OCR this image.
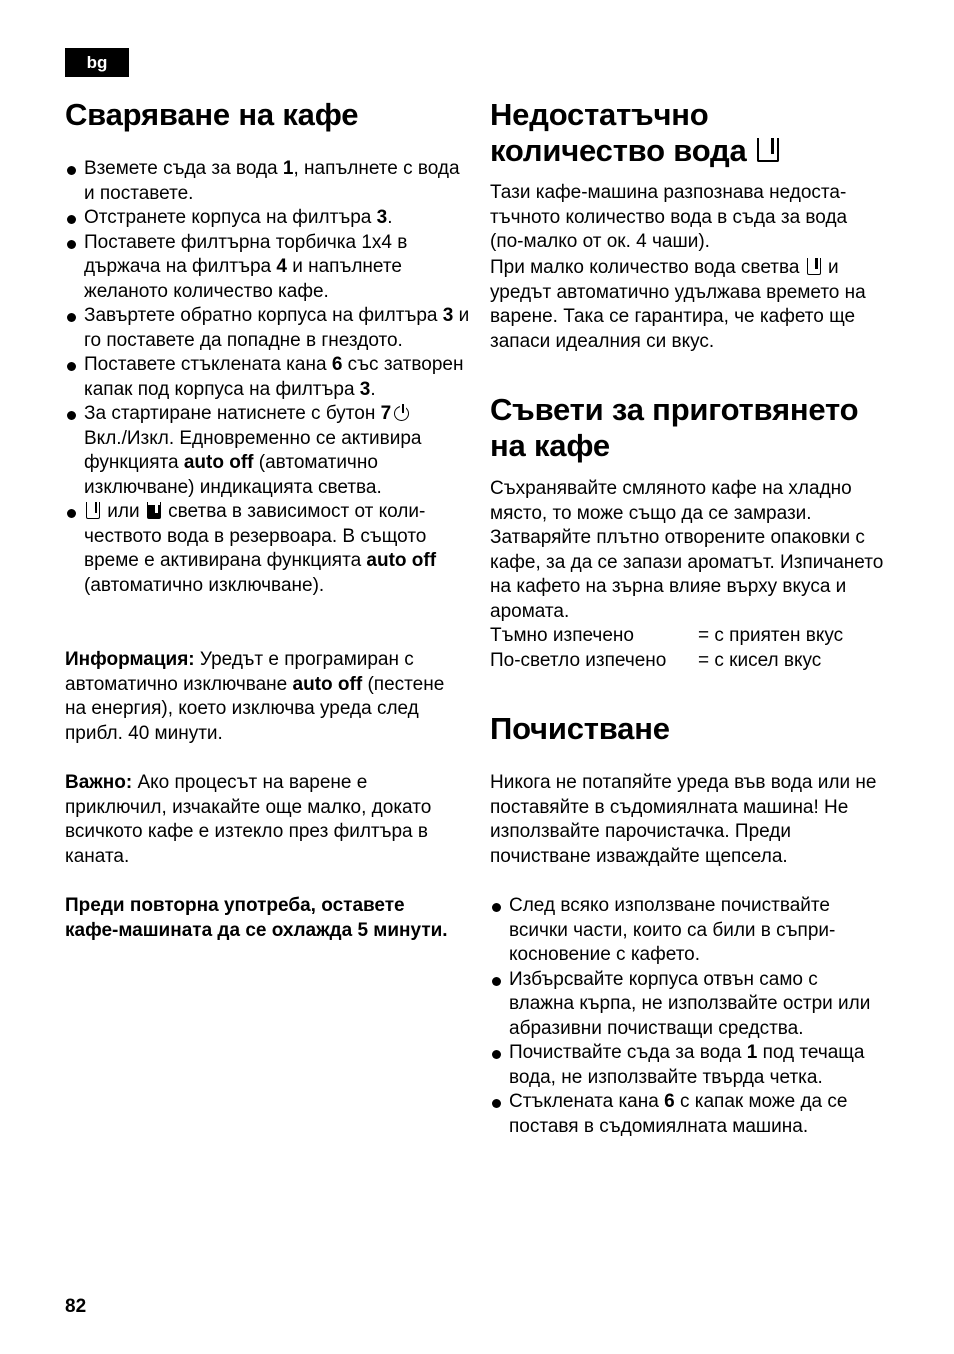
bg
Сваряване на кафе
Вземете съда за вода 1, напълнете с вода и поставете.
Отстранете корпуса на филтъра 3.
Поставете филтърна торбичка 1x4 в държача на филтъра 4 и напълнете желаното количество кафе.
Завъртете обратно корпуса на филтъра 3 и го поставете да попадне в гнездото.
Поставете стъклената кана 6 със затворен капак под корпуса на филтъра 3.
За стартиране натиснете с бутон 7
Вкл./Изкл. Едновременно се активира функцията auto off (автоматично изключване) индикацията светва.
или светва в зависимост от коли-чеството вода в резервоара. В същото време е активирана функцията auto off (автоматично изключване).

Информация: Уредът е програмиран с автоматично изключване auto off (пестене на енергия), което изключва уреда след прибл. 40 минути.

Важно: Ако процесът на варене е приключил, изчакайте още малко, докато всичкото кафе е изтекло през филтъра в каната.

Преди повторна употреба, оставете кафе-машината да се охлажда 5 минути.

Недостатъчно количество вода

Тази кафе-машина разпознава недоста-тъчното количество вода в съда за вода (по-малко от ок. 4 чаши).

При малко количество вода светва и уредът автоматично удължава времето на варене. Така се гарантира, че кафето ще запаси идеалния си вкус.

Съвети за приготвянето на кафе

Съхранявайте смляното кафе на хладно място, то може също да се замрази. Затваряйте плътно отворените опаковки с кафе, за да се запази ароматът. Изпичането на кафето на зърна влияе върху вкуса и аромата.

Тъмно изпечено	= с приятен вкус
По-светло изпечено	= с кисел вкус
Почистване

Никога не потапяйте уреда във вода или не поставяйте в съдомиялната машина! Не използвайте парочистачка. Преди почистване изваждайте щепсела.

След всяко използване почиствайте всички части, които са били в съпри-косновение с кафето.
Избърсвайте корпуса отвън само с влажна кърпа, не използвайте остри или абразивни почистващи средства.
Почиствайте съда за вода 1 под течаща вода, не използвайте твърда четка.
Стъклената кана 6 с капак може да се поставя в съдомиялната машина.
82
